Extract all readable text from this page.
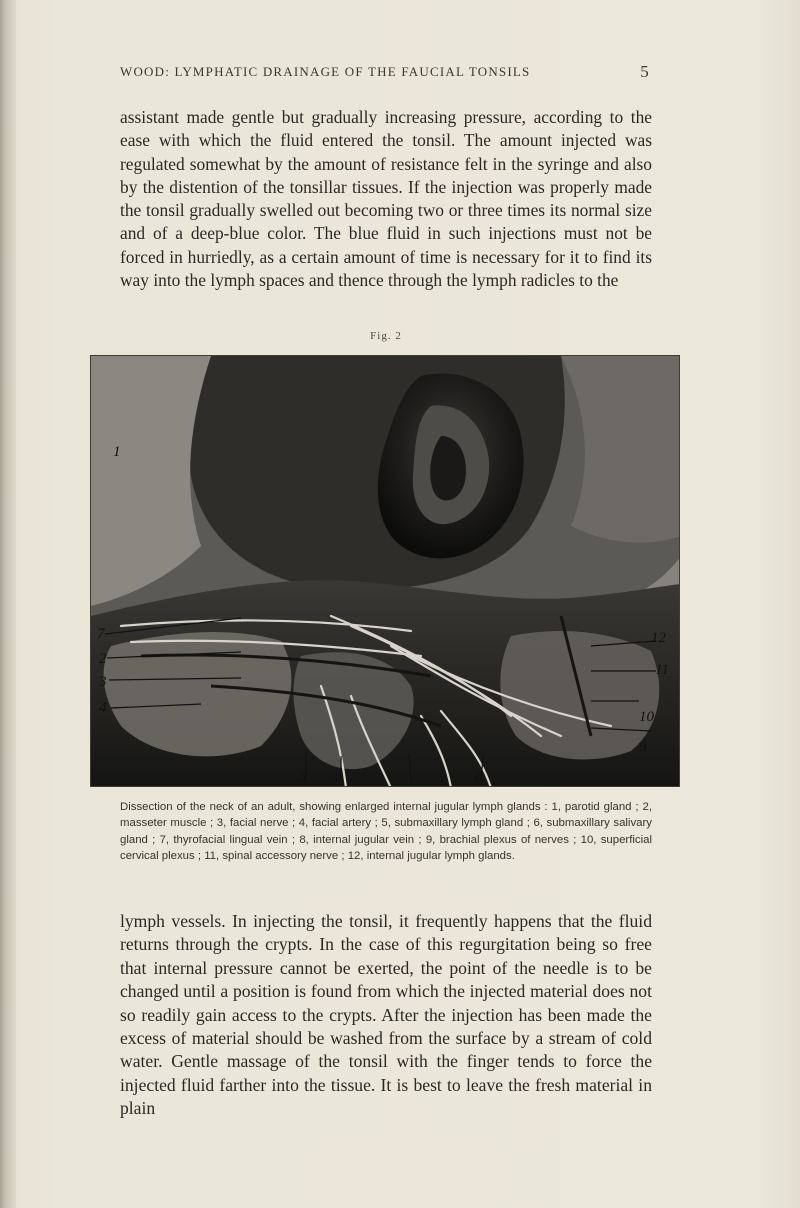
WOOD: LYMPHATIC DRAINAGE OF THE FAUCIAL TONSILS	5

assistant made gentle but gradually increasing pressure, according to the ease with which the fluid entered the tonsil. The amount injected was regulated somewhat by the amount of resistance felt in the syringe and also by the distention of the tonsillar tissues. If the injection was properly made the tonsil gradually swelled out becoming two or three times its normal size and of a deep-blue color. The blue fluid in such injections must not be forced in hurriedly, as a certain amount of time is necessary for it to find its way into the lymph spaces and thence through the lymph radicles to the

Fig. 2
1
7
2
3
4
5 6	8
9
10
11
12

Dissection of the neck of an adult, showing enlarged internal jugular lymph glands : 1, parotid gland ; 2, masseter muscle ; 3, facial nerve ; 4, facial artery ; 5, submaxillary lymph gland ; 6, submaxillary salivary gland ; 7, thyrofacial lingual vein ; 8, internal jugular vein ; 9, brachial plexus of nerves ; 10, superficial cervical plexus ; 11, spinal accessory nerve ; 12, internal jugular lymph glands.

lymph vessels. In injecting the tonsil, it frequently happens that the fluid returns through the crypts. In the case of this regurgitation being so free that internal pressure cannot be exerted, the point of the needle is to be changed until a position is found from which the injected material does not so readily gain access to the crypts. After the injection has been made the excess of material should be washed from the surface by a stream of cold water. Gentle massage of the tonsil with the finger tends to force the injected fluid farther into the tissue. It is best to leave the fresh material in plain
